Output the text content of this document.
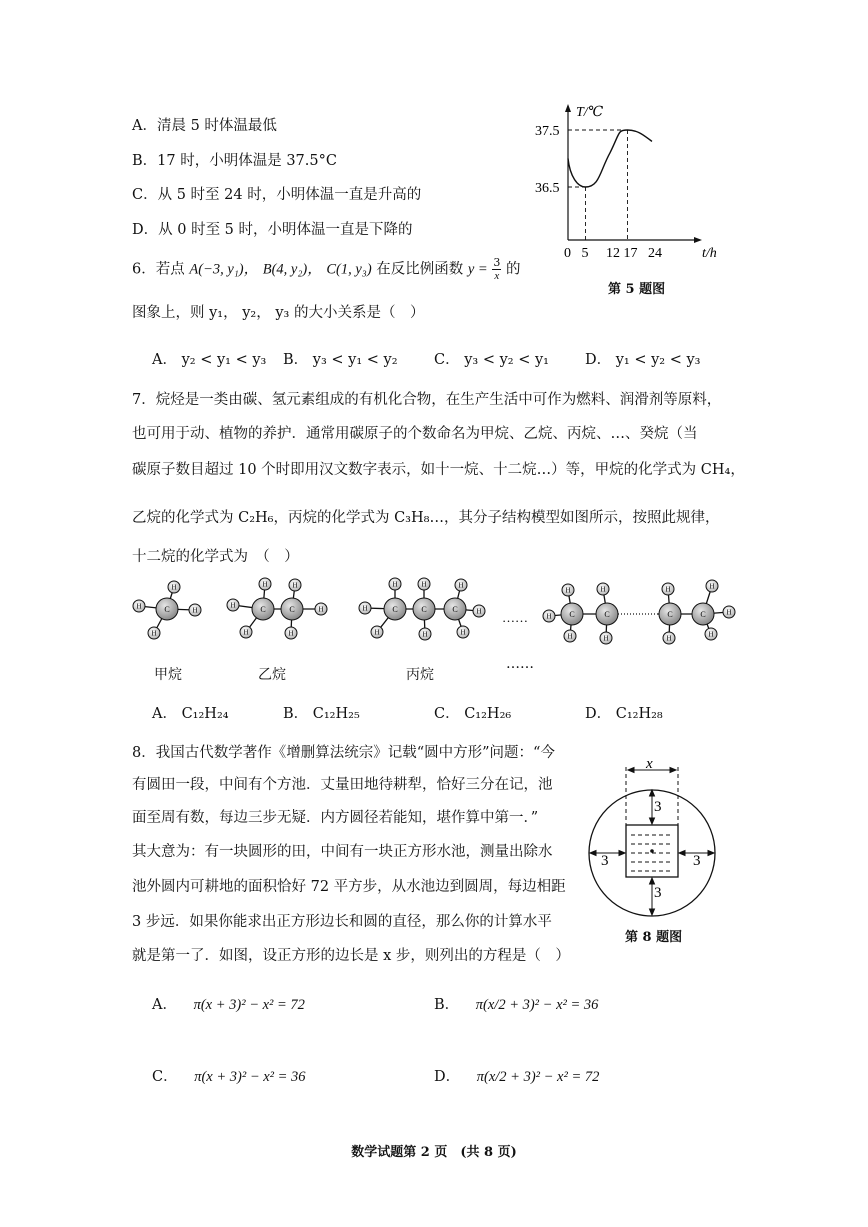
A．清晨 5 时体温最低
B．17 时，小明体温是 37.5°C
C．从 5 时至 24 时，小明体温一直是升高的
D．从 0 时至 5 时，小明体温一直是下降的
T/℃
t/h
37.5
36.5
0 5 12 17 24
第 5 题图
6．若点 A(−3, y₁)， B(4, y₂)， C(1, y₃) 在反比例函数 $y = \frac{3}{x}$ 的
图象上，则 y₁， y₂， y₃ 的大小关系是（　）
A． y₂ < y₁ < y₃ B． y₃ < y₁ < y₂	C． y₃ < y₂ < y₁ D． y₁ < y₂ < y₃
7．烷烃是一类由碳、氢元素组成的有机化合物，在生产生活中可作为燃料、润滑剂等原料，
也可用于动、植物的养护．通常用碳原子的个数命名为甲烷、乙烷、丙烷、…、癸烷（当
碳原子数目超过 10 个时即用汉文数字表示，如十一烷、十二烷…）等，甲烷的化学式为 CH₄，
乙烷的化学式为 C₂H₆，丙烷的化学式为 C₃H₈…，其分子结构模型如图所示，按照此规律，
十二烷的化学式为　（　）
C
H
H
H
H
C
H
H
H
C
H
H
H
C
H
H
H
C
H
H
C
H
H
H
C
H
H
H
C
H
H
C
H
H
C
H
H
H
……
甲烷	乙烷	丙烷
……
A． C₁₂H₂₄	B． C₁₂H₂₅	C． C₁₂H₂₆	D． C₁₂H₂₈
8．我国古代数学著作《增删算法统宗》记载“圆中方形”问题：“今
有圆田一段，中间有个方池．丈量田地待耕犁，恰好三分在记，池
面至周有数，每边三步无疑．内方圆径若能知，堪作算中第一．”
其大意为：有一块圆形的田，中间有一块正方形水池，测量出除水
池外圆内可耕地的面积恰好 72 平方步，从水池边到圆周，每边相距
3 步远．如果你能求出正方形边长和圆的直径，那么你的计算水平
就是第一了．如图，设正方形的边长是 x 步，则列出的方程是（　）
x
3
3
3	3
第 8 题图
A． π(x + 3)² − x² = 72	B． π(x/2 + 3)² − x² = 36
C． π(x + 3)² − x² = 36	D． π(x/2 + 3)² − x² = 72
数学试题第 2 页　(共 8 页)
